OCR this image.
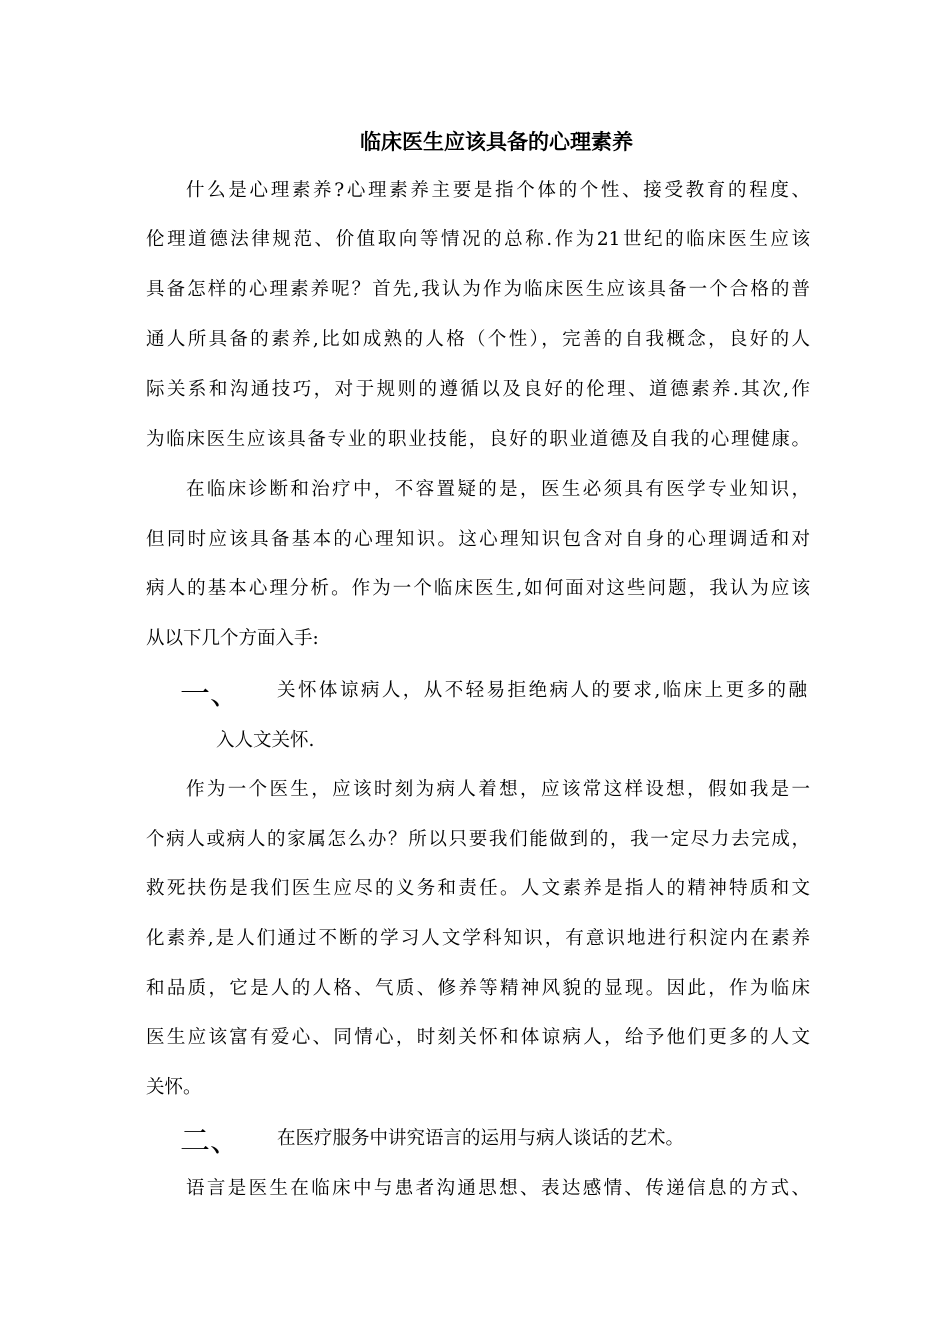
临床医生应该具备的心理素养
什么是心理素养?心理素养主要是指个体的个性、接受教育的程度、
伦理道德法律规范、价值取向等情况的总称.作为21世纪的临床医生应该
具备怎样的心理素养呢？首先,我认为作为临床医生应该具备一个合格的普
通人所具备的素养,比如成熟的人格（个性），完善的自我概念，良好的人
际关系和沟通技巧，对于规则的遵循以及良好的伦理、道德素养.其次,作
为临床医生应该具备专业的职业技能，良好的职业道德及自我的心理健康。
在临床诊断和治疗中，不容置疑的是，医生必须具有医学专业知识，
但同时应该具备基本的心理知识。这心理知识包含对自身的心理调适和对
病人的基本心理分析。作为一个临床医生,如何面对这些问题，我认为应该
从以下几个方面入手:
一、 关怀体谅病人，从不轻易拒绝病人的要求,临床上更多的融
入人文关怀.
作为一个医生，应该时刻为病人着想，应该常这样设想，假如我是一
个病人或病人的家属怎么办？所以只要我们能做到的，我一定尽力去完成，
救死扶伤是我们医生应尽的义务和责任。人文素养是指人的精神特质和文
化素养,是人们通过不断的学习人文学科知识，有意识地进行积淀内在素养
和品质，它是人的人格、气质、修养等精神风貌的显现。因此，作为临床
医生应该富有爱心、同情心，时刻关怀和体谅病人，给予他们更多的人文
关怀。
二、 在医疗服务中讲究语言的运用与病人谈话的艺术。
语言是医生在临床中与患者沟通思想、表达感情、传递信息的方式、
